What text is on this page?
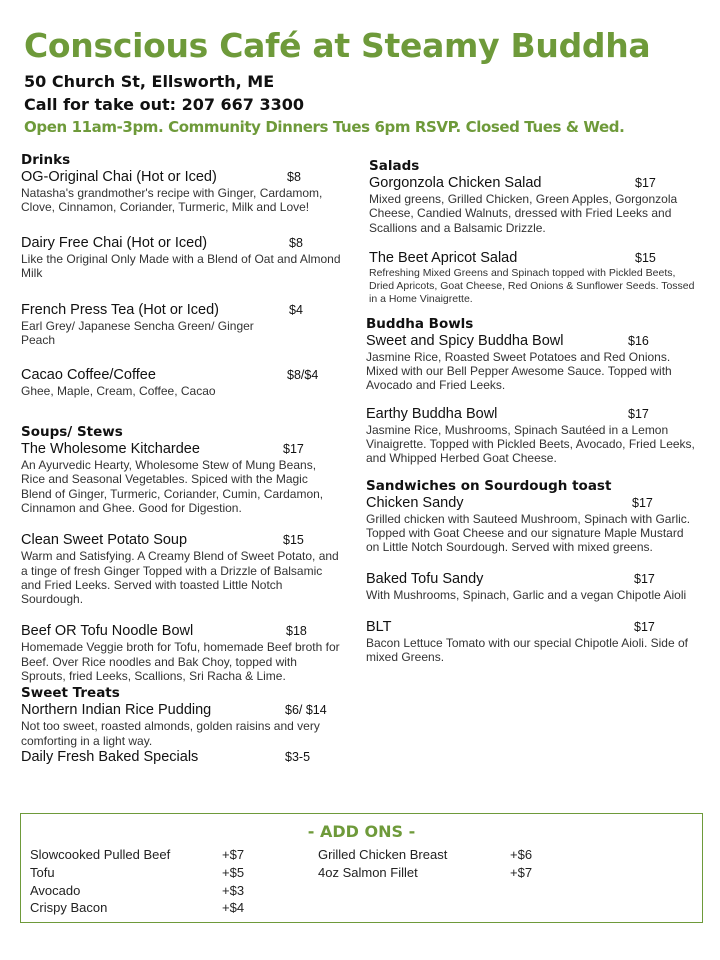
Conscious Café at Steamy Buddha
50 Church St, Ellsworth, ME
Call for take out: 207 667 3300
Open 11am-3pm. Community Dinners Tues 6pm RSVP. Closed Tues & Wed.
Drinks
OG-Original Chai (Hot or Iced)	$8

Natasha's grandmother's recipe with Ginger, Cardamom, Clove, Cinnamon, Coriander, Turmeric, Milk and Love!

Dairy Free Chai (Hot or Iced)	$8

Like the Original Only Made with a Blend of Oat and Almond Milk

French Press Tea (Hot or Iced)	$4

Earl Grey/ Japanese Sencha Green/ Ginger Peach

Cacao Coffee/Coffee	$8/$4

Ghee, Maple, Cream, Coffee, Cacao

Soups/ Stews
The Wholesome Kitchardee	$17

An Ayurvedic Hearty, Wholesome Stew of Mung Beans, Rice and Seasonal Vegetables. Spiced with the Magic Blend of Ginger, Turmeric, Coriander, Cumin, Cardamon, Cinnamon and Ghee. Good for Digestion.

Clean Sweet Potato Soup	$15

Warm and Satisfying. A Creamy Blend of Sweet Potato, and a tinge of fresh Ginger Topped with a Drizzle of Balsamic and Fried Leeks. Served with toasted Little Notch Sourdough.

Beef OR Tofu Noodle Bowl	$18

Homemade Veggie broth for Tofu, homemade Beef broth for Beef. Over Rice noodles and Bak Choy, topped with Sprouts, fried Leeks, Scallions, Sri Racha & Lime.

Sweet Treats
Northern Indian Rice Pudding	$6/ $14

Not too sweet, roasted almonds, golden raisins and very comforting in a light way.

Daily Fresh Baked Specials	$3-5
Salads
Gorgonzola Chicken Salad	$17

Mixed greens, Grilled Chicken, Green Apples, Gorgonzola Cheese, Candied Walnuts, dressed with Fried Leeks and Scallions and a Balsamic Drizzle.

The Beet Apricot Salad	$15

Refreshing Mixed Greens and Spinach topped with Pickled Beets, Dried Apricots, Goat Cheese, Red Onions & Sunflower Seeds. Tossed in a Home Vinaigrette.

Buddha Bowls
Sweet and Spicy Buddha Bowl	$16

Jasmine Rice, Roasted Sweet Potatoes and Red Onions. Mixed with our Bell Pepper Awesome Sauce. Topped with Avocado and Fried Leeks.

Earthy Buddha Bowl	$17

Jasmine Rice, Mushrooms, Spinach Sautéed in a Lemon Vinaigrette. Topped with Pickled Beets, Avocado, Fried Leeks, and Whipped Herbed Goat Cheese.

Sandwiches on Sourdough toast
Chicken Sandy	$17

Grilled chicken with Sauteed Mushroom, Spinach with Garlic. Topped with Goat Cheese and our signature Maple Mustard on Little Notch Sourdough. Served with mixed greens.

Baked Tofu Sandy	$17

With Mushrooms, Spinach, Garlic and a vegan Chipotle Aioli

BLT	$17

Bacon Lettuce Tomato with our special Chipotle Aioli. Side of mixed Greens.

- ADD ONS -
Slowcooked Pulled Beef	+$7
Tofu	+$5
Avocado	+$3
Crispy Bacon	+$4
Grilled Chicken Breast	+$6
4oz Salmon Fillet	+$7
